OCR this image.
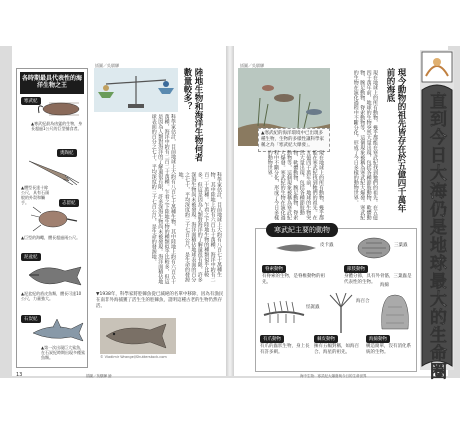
各時期最具代表性的海洋生物之王
寒武紀
▲寒武紀最為凶猛的生物，身長超過1公尺的巨型捕食者。
奧陶紀
▲體型長達十餘公尺，具有石頭般的外殼和觸手。	志留紀
▲巨型的海蠍，體長超過兩公尺。
泥盆紀
▲泥盆紀的盾皮魚類，體長可達10公尺，力量強大。
石炭紀
▲第一次出現巨大鯊魚，在石炭紀時期出現多種鯊魚類。
插圖／吳騏驊
陸地生物和海洋生物何者數量較多？
科學家估計，目前地球上大約有八百七十萬種生物，其中陸地上約有六百五十萬種，海洋中約有二百二十萬種。乍看之下陸地生物的種類似乎比較多，但這是因為人類對海洋的了解還很有限，許多深海生物尚未被發現。海洋面積佔地球表面的百分之七十，平均深度約三千七百公尺，是生命的發源地。	科學家估計，目前地球上大約有八百七十萬種生物，其中陸地上約有六百五十萬種，海洋中約有二百二十萬種。乍看之下陸地生物的種類似乎比較多，但這是因為人類對海洋的了解還很有限，許多深海生物尚未被發現。海洋面積佔地球表面的百分之七十，平均深度約三千七百公尺，是生命的發源地。
▼1938年，科學家將腔棘魚從已滅絕的名單中移除，因為有漁民在南非外海捕獲了活生生的腔棘魚，證明這種古老的生物仍然存活。
© Vladimir Wrangel/Shutterstock.com
13	插圖／吳騏驊 繪
插圖／吳騏驊
▲寒武紀的海洋環境中已出現多種生物，生物的多樣性讓科學家稱之為「寒武紀大爆發」。
現在地球上的所有動物，幾乎都能在寒武紀找到牠們的祖先。在五億四千萬年前，地球的生物突然大量出現，包括各種節肢動物、軟體動物、腕足動物、脊索動物等，這個現象被稱為寒武紀大爆發。寒武紀的生物在演化過程中不斷分化，形成了今日多樣的動物世界。	現在地球上的所有動物，幾乎都能在寒武紀找到牠們的祖先。在五億四千萬年前，地球的生物突然大量出現，包括各種節肢動物、軟體動物、腕足動物、脊索動物等，這個現象被稱為寒武紀大爆發。寒武紀的生物在演化過程中不斷分化，形成了今日多樣的動物世界。	現今動物的祖先皆存在於五億四千萬年前的海底
寒武紀主要的動物
皮卡蟲	三葉蟲
脊索動物
有脊索的生物，是脊椎動物的祖先。
節肢動物
身體分節，具有外骨骼，三葉蟲是代表性的生物。
怪誕蟲
海百合
海綿
有爪動物
有爪的蟲狀生物，身上長有許多刺。
棘皮動物
擁有五輻對稱，如海百合、海星的祖先。
海綿動物
構造簡單，沒有消化系統的生物。	直到今日大海仍是地球最大的生命圈
海中生物：寒武紀大爆發與今日的生命世界
